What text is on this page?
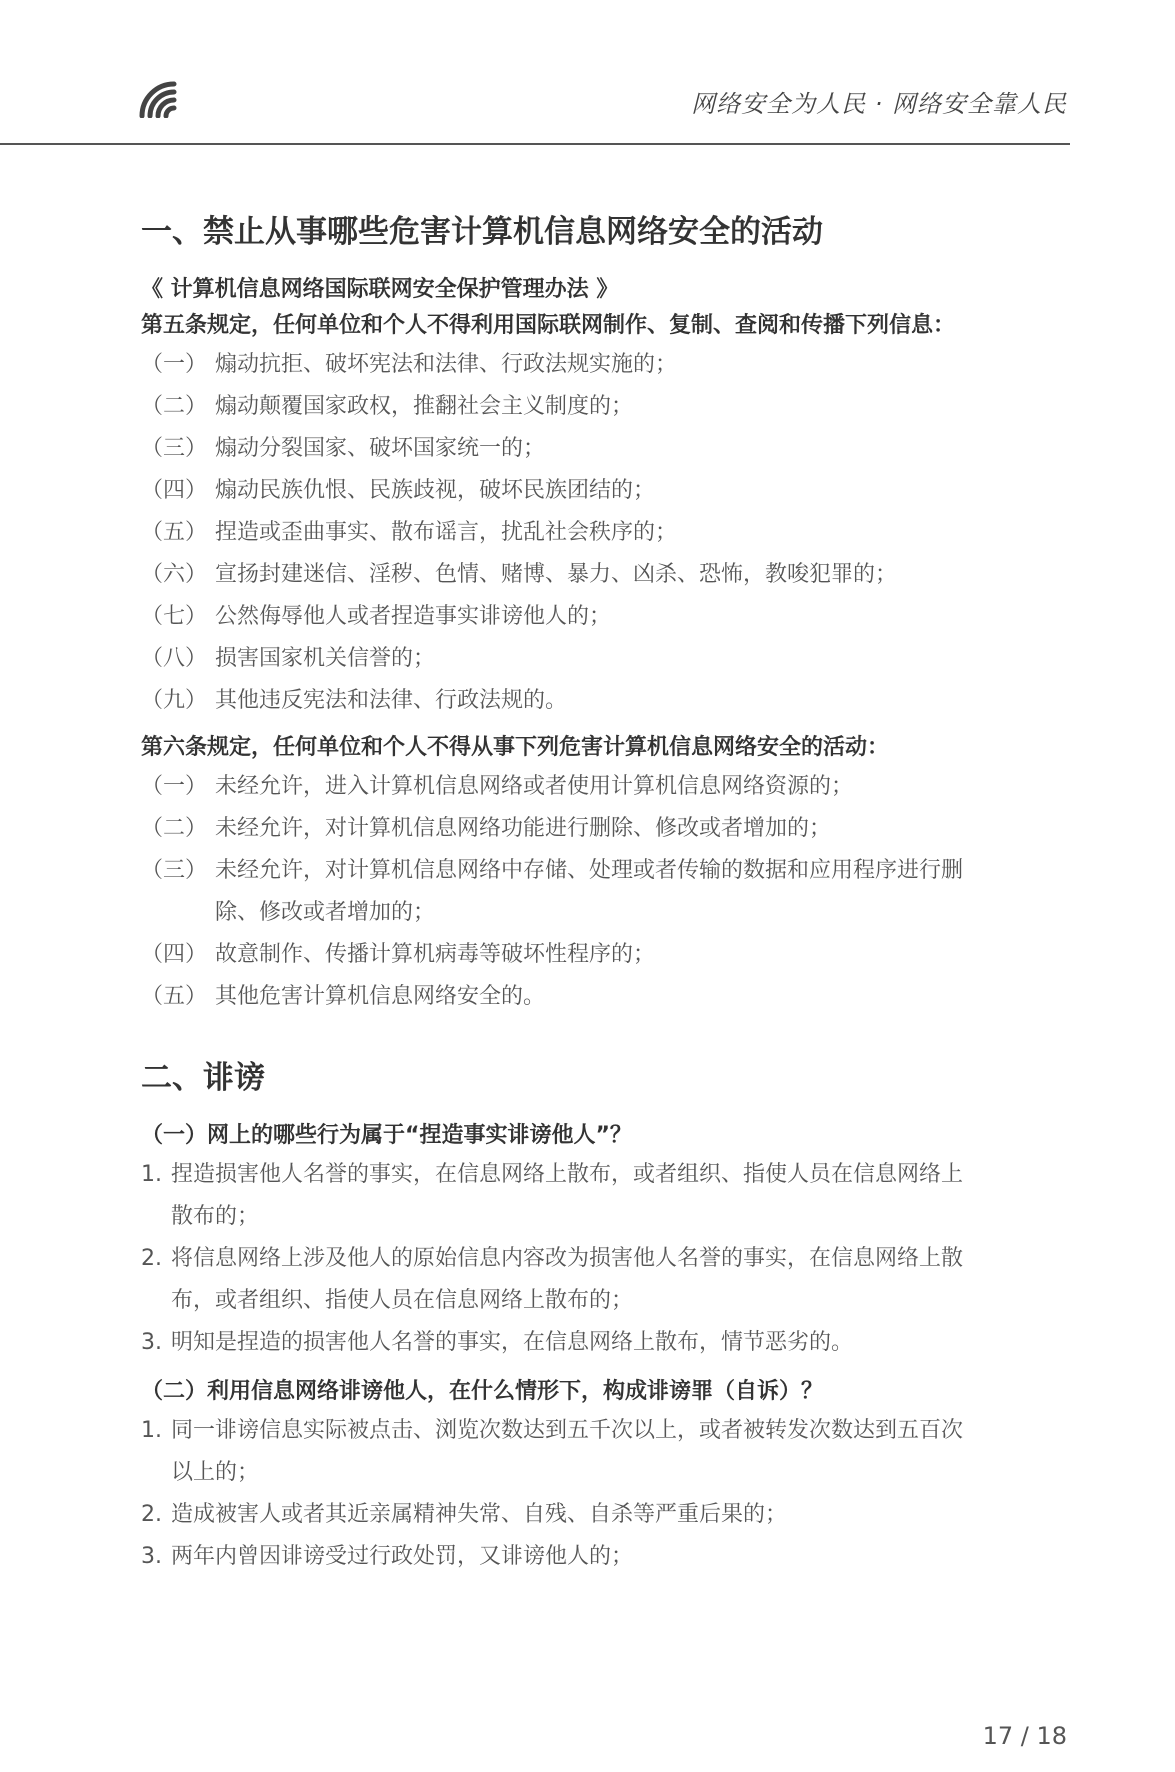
网络安全为人民 · 网络安全靠人民
一、禁止从事哪些危害计算机信息网络安全的活动

《 计算机信息网络国际联网安全保护管理办法 》

第五条规定，任何单位和个人不得利用国际联网制作、复制、查阅和传播下列信息：

（一） 煽动抗拒、破坏宪法和法律、行政法规实施的；
（二） 煽动颠覆国家政权，推翻社会主义制度的；
（三） 煽动分裂国家、破坏国家统一的；
（四） 煽动民族仇恨、民族歧视，破坏民族团结的；
（五） 捏造或歪曲事实、散布谣言，扰乱社会秩序的；
（六） 宣扬封建迷信、淫秽、色情、赌博、暴力、凶杀、恐怖，教唆犯罪的；
（七） 公然侮辱他人或者捏造事实诽谤他人的；
（八） 损害国家机关信誉的；
（九） 其他违反宪法和法律、行政法规的。

第六条规定，任何单位和个人不得从事下列危害计算机信息网络安全的活动：

（一） 未经允许，进入计算机信息网络或者使用计算机信息网络资源的；
（二） 未经允许，对计算机信息网络功能进行删除、修改或者增加的；
（三） 未经允许，对计算机信息网络中存储、处理或者传输的数据和应用程序进行删除、修改或者增加的；
（四） 故意制作、传播计算机病毒等破坏性程序的；
（五） 其他危害计算机信息网络安全的。
二、诽谤

（一）网上的哪些行为属于“捏造事实诽谤他人”？

1. 捏造损害他人名誉的事实，在信息网络上散布，或者组织、指使人员在信息网络上散布的；
2. 将信息网络上涉及他人的原始信息内容改为损害他人名誉的事实，在信息网络上散布，或者组织、指使人员在信息网络上散布的；
3. 明知是捏造的损害他人名誉的事实，在信息网络上散布，情节恶劣的。

（二）利用信息网络诽谤他人，在什么情形下，构成诽谤罪（自诉）？

1. 同一诽谤信息实际被点击、浏览次数达到五千次以上，或者被转发次数达到五百次以上的；
2. 造成被害人或者其近亲属精神失常、自残、自杀等严重后果的；
3. 两年内曾因诽谤受过行政处罚，又诽谤他人的；
17 / 18
